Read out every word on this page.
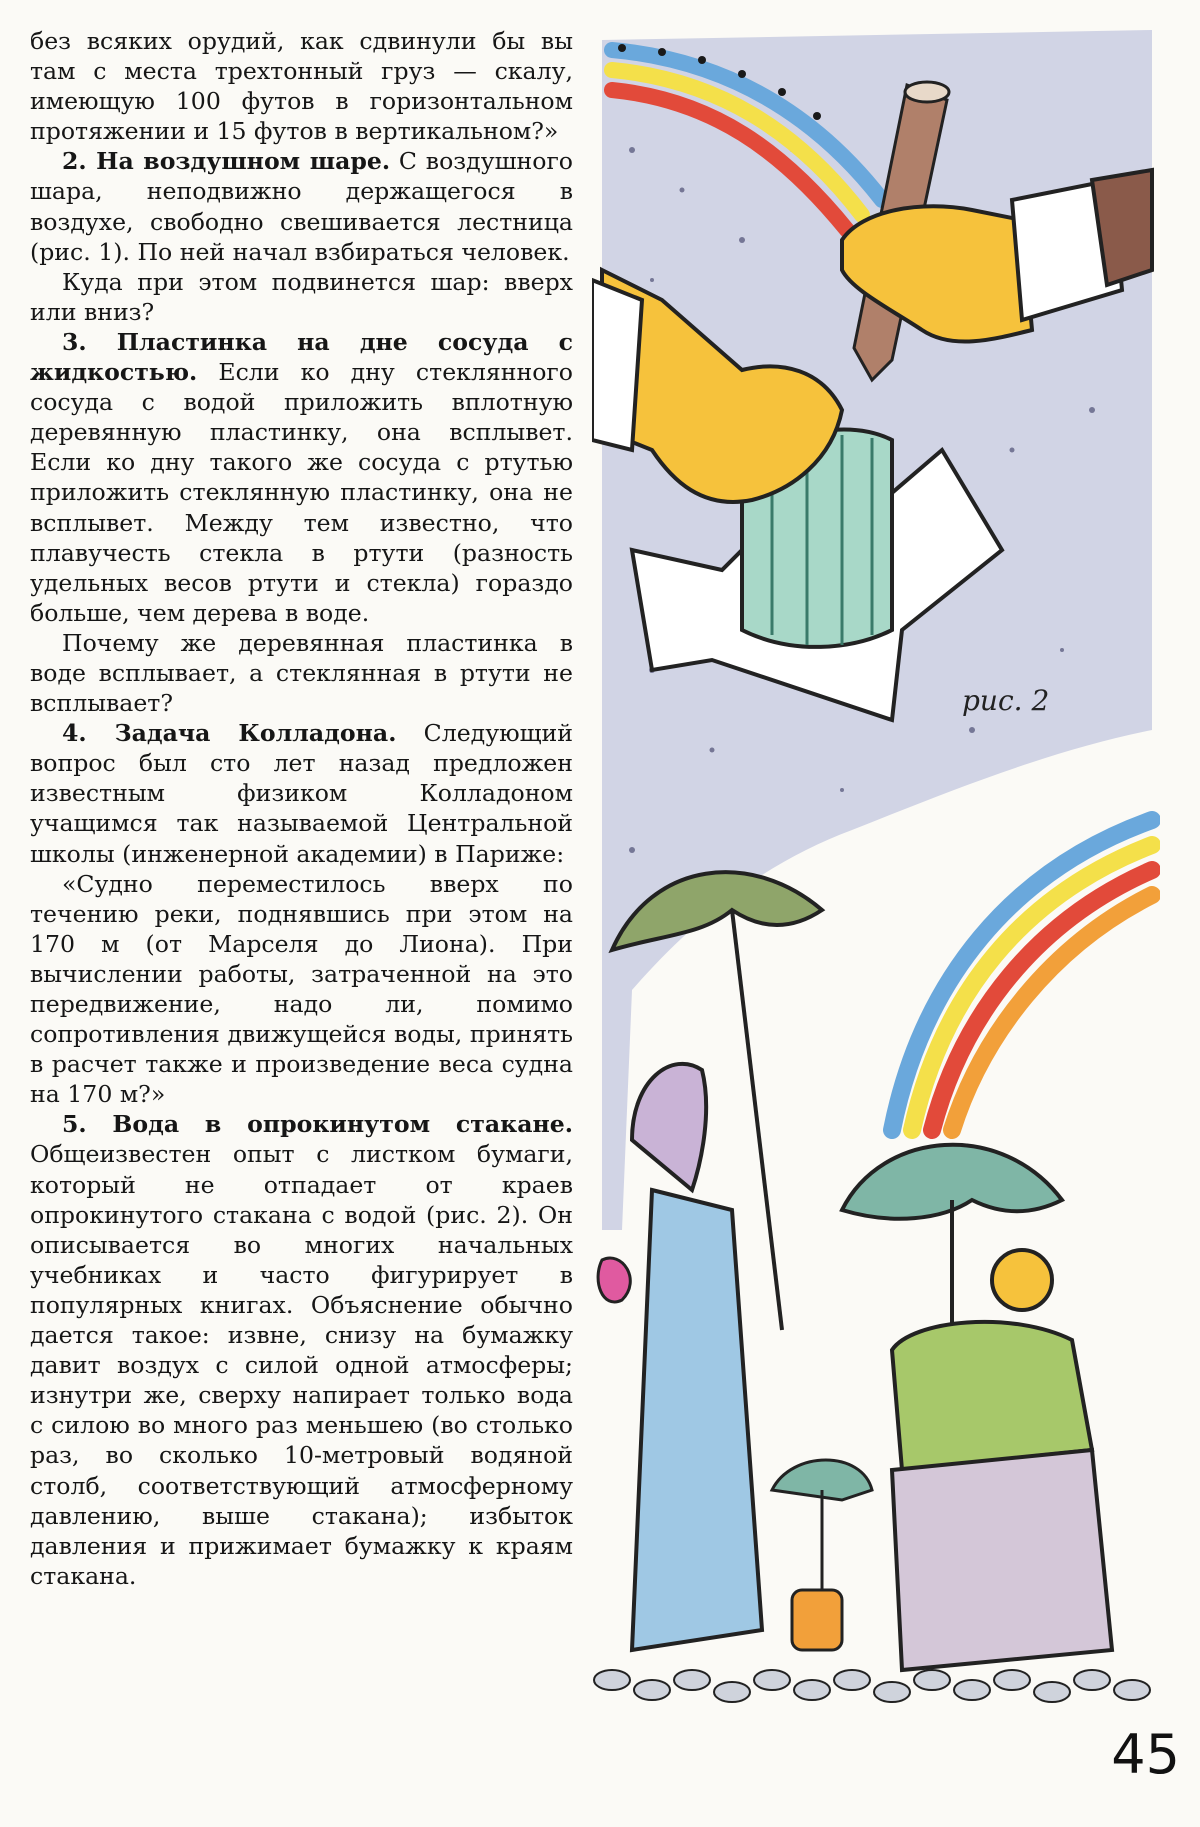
без всяких орудий, как сдвинули бы вы там с места трехтонный груз — скалу, имеющую 100 футов в горизонтальном протяжении и 15 футов в вертикальном?»

2. На воздушном шаре. С воздушного шара, неподвижно держащегося в воздухе, свободно свешивается лестница (рис. 1). По ней начал взбираться человек.

Куда при этом подвинется шар: вверх или вниз?

3. Пластинка на дне сосуда с жидкостью. Если ко дну стеклянного сосуда с водой приложить вплотную деревянную пластинку, она всплывет. Если ко дну такого же сосуда с ртутью приложить стеклянную пластинку, она не всплывет. Между тем известно, что плавучесть стекла в ртути (разность удельных весов ртути и стекла) гораздо больше, чем дерева в воде.

Почему же деревянная пластинка в воде всплывает, а стеклянная в ртути не всплывает?

4. Задача Колладона. Следующий вопрос был сто лет назад предложен известным физиком Колладоном учащимся так называемой Центральной школы (инженерной академии) в Париже:

«Судно переместилось вверх по течению реки, поднявшись при этом на 170 м (от Марселя до Лиона). При вычислении работы, затраченной на это передвижение, надо ли, помимо сопротивления движущейся воды, принять в расчет также и произведение веса судна на 170 м?»

5. Вода в опрокинутом стакане. Общеизвестен опыт с листком бумаги, который не отпадает от краев опрокинутого стакана с водой (рис. 2). Он описывается во многих начальных учебниках и часто фигурирует в популярных книгах. Объяснение обычно дается такое: извне, снизу на бумажку давит воздух с силой одной атмосферы; изнутри же, сверху напирает только вода с силою во много раз меньшею (во столько раз, во сколько 10-метровый водяной столб, соответствующий атмосферному давлению, выше стакана); избыток давления и прижимает бумажку к краям стакана.

рис. 2
45
